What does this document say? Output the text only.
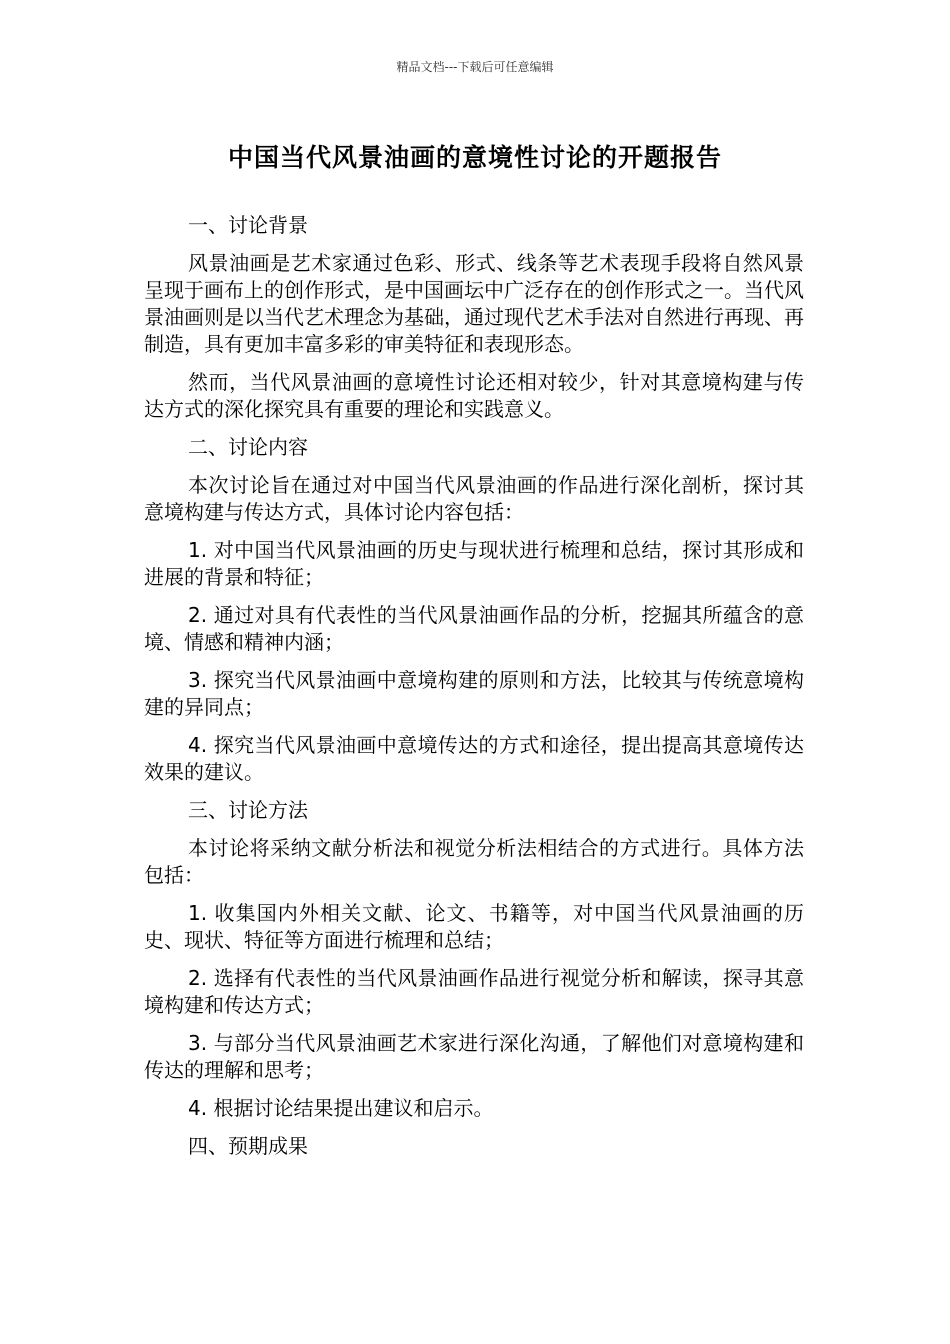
精品文档---下载后可任意编辑
中国当代风景油画的意境性讨论的开题报告

一、讨论背景

风景油画是艺术家通过色彩、形式、线条等艺术表现手段将自然风景呈现于画布上的创作形式，是中国画坛中广泛存在的创作形式之一。当代风景油画则是以当代艺术理念为基础，通过现代艺术手法对自然进行再现、再制造，具有更加丰富多彩的审美特征和表现形态。

然而，当代风景油画的意境性讨论还相对较少，针对其意境构建与传达方式的深化探究具有重要的理论和实践意义。

二、讨论内容

本次讨论旨在通过对中国当代风景油画的作品进行深化剖析，探讨其意境构建与传达方式，具体讨论内容包括：

1. 对中国当代风景油画的历史与现状进行梳理和总结，探讨其形成和进展的背景和特征；

2. 通过对具有代表性的当代风景油画作品的分析，挖掘其所蕴含的意境、情感和精神内涵；

3. 探究当代风景油画中意境构建的原则和方法，比较其与传统意境构建的异同点；

4. 探究当代风景油画中意境传达的方式和途径，提出提高其意境传达效果的建议。

三、讨论方法

本讨论将采纳文献分析法和视觉分析法相结合的方式进行。具体方法包括：

1. 收集国内外相关文献、论文、书籍等，对中国当代风景油画的历史、现状、特征等方面进行梳理和总结；

2. 选择有代表性的当代风景油画作品进行视觉分析和解读，探寻其意境构建和传达方式；

3. 与部分当代风景油画艺术家进行深化沟通，了解他们对意境构建和传达的理解和思考；

4. 根据讨论结果提出建议和启示。

四、预期成果
